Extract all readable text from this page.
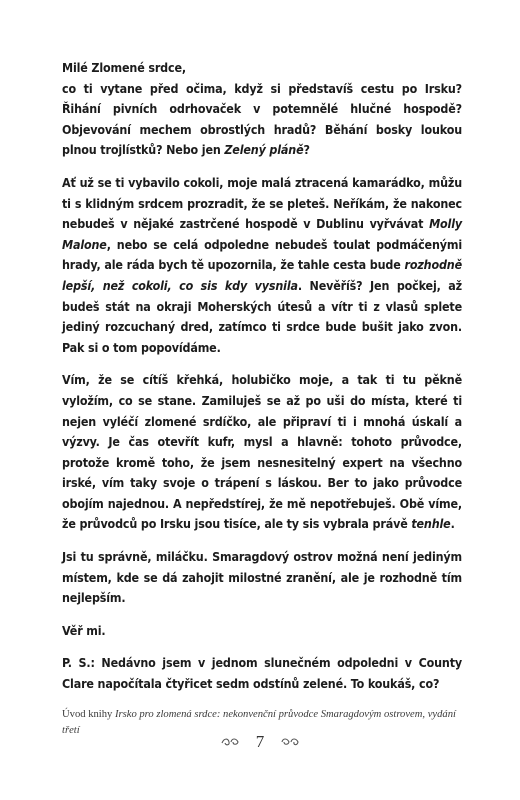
Milé Zlomené srdce,

co ti vytane před očima, když si představíš cestu po Irsku? Řihání pivních odrhovaček v potemnělé hlučné hospodě? Objevování mechem obrostlých hradů? Běhání bosky loukou plnou trojlístků? Nebo jen Zelený pláně?

Ať už se ti vybavilo cokoli, moje malá ztracená kamarádko, můžu ti s klidným srdcem prozradit, že se pleteš. Neříkám, že nakonec nebudeš v nějaké zastrčené hospodě v Dublinu vyřvávat Molly Malone, nebo se celá odpoledne nebudeš toulat podmáčenými hrady, ale ráda bych tě upozornila, že tahle cesta bude rozhodně lepší, než cokoli, co sis kdy vysnila. Nevěříš? Jen počkej, až budeš stát na okraji Moherských útesů a vítr ti z vlasů splete jediný rozcuchaný dred, zatímco ti srdce bude bušit jako zvon. Pak si o tom popovídáme.

Vím, že se cítíš křehká, holubičko moje, a tak ti tu pěkně vyložím, co se stane. Zamiluješ se až po uši do místa, které ti nejen vyléčí zlomené srdíčko, ale připraví ti i mnohá úskalí a výzvy. Je čas otevřít kufr, mysl a hlavně: tohoto průvodce, protože kromě toho, že jsem nesnesitelný expert na všechno irské, vím taky svoje o trápení s láskou. Ber to jako průvodce obojím najednou. A nepředstírej, že mě nepotřebuješ. Obě víme, že průvodců po Irsku jsou tisíce, ale ty sis vybrala právě tenhle.

Jsi tu správně, miláčku. Smaragdový ostrov možná není jediným místem, kde se dá zahojit milostné zranění, ale je rozhodně tím nejlepším.

Věř mi.

P. S.: Nedávno jsem v jednom slunečném odpoledni v County Clare napočítala čtyřicet sedm odstínů zelené. To koukáš, co?

Úvod knihy Irsko pro zlomená srdce: nekonvenční průvodce Smaragdovým ostrovem, vydání třetí
7
